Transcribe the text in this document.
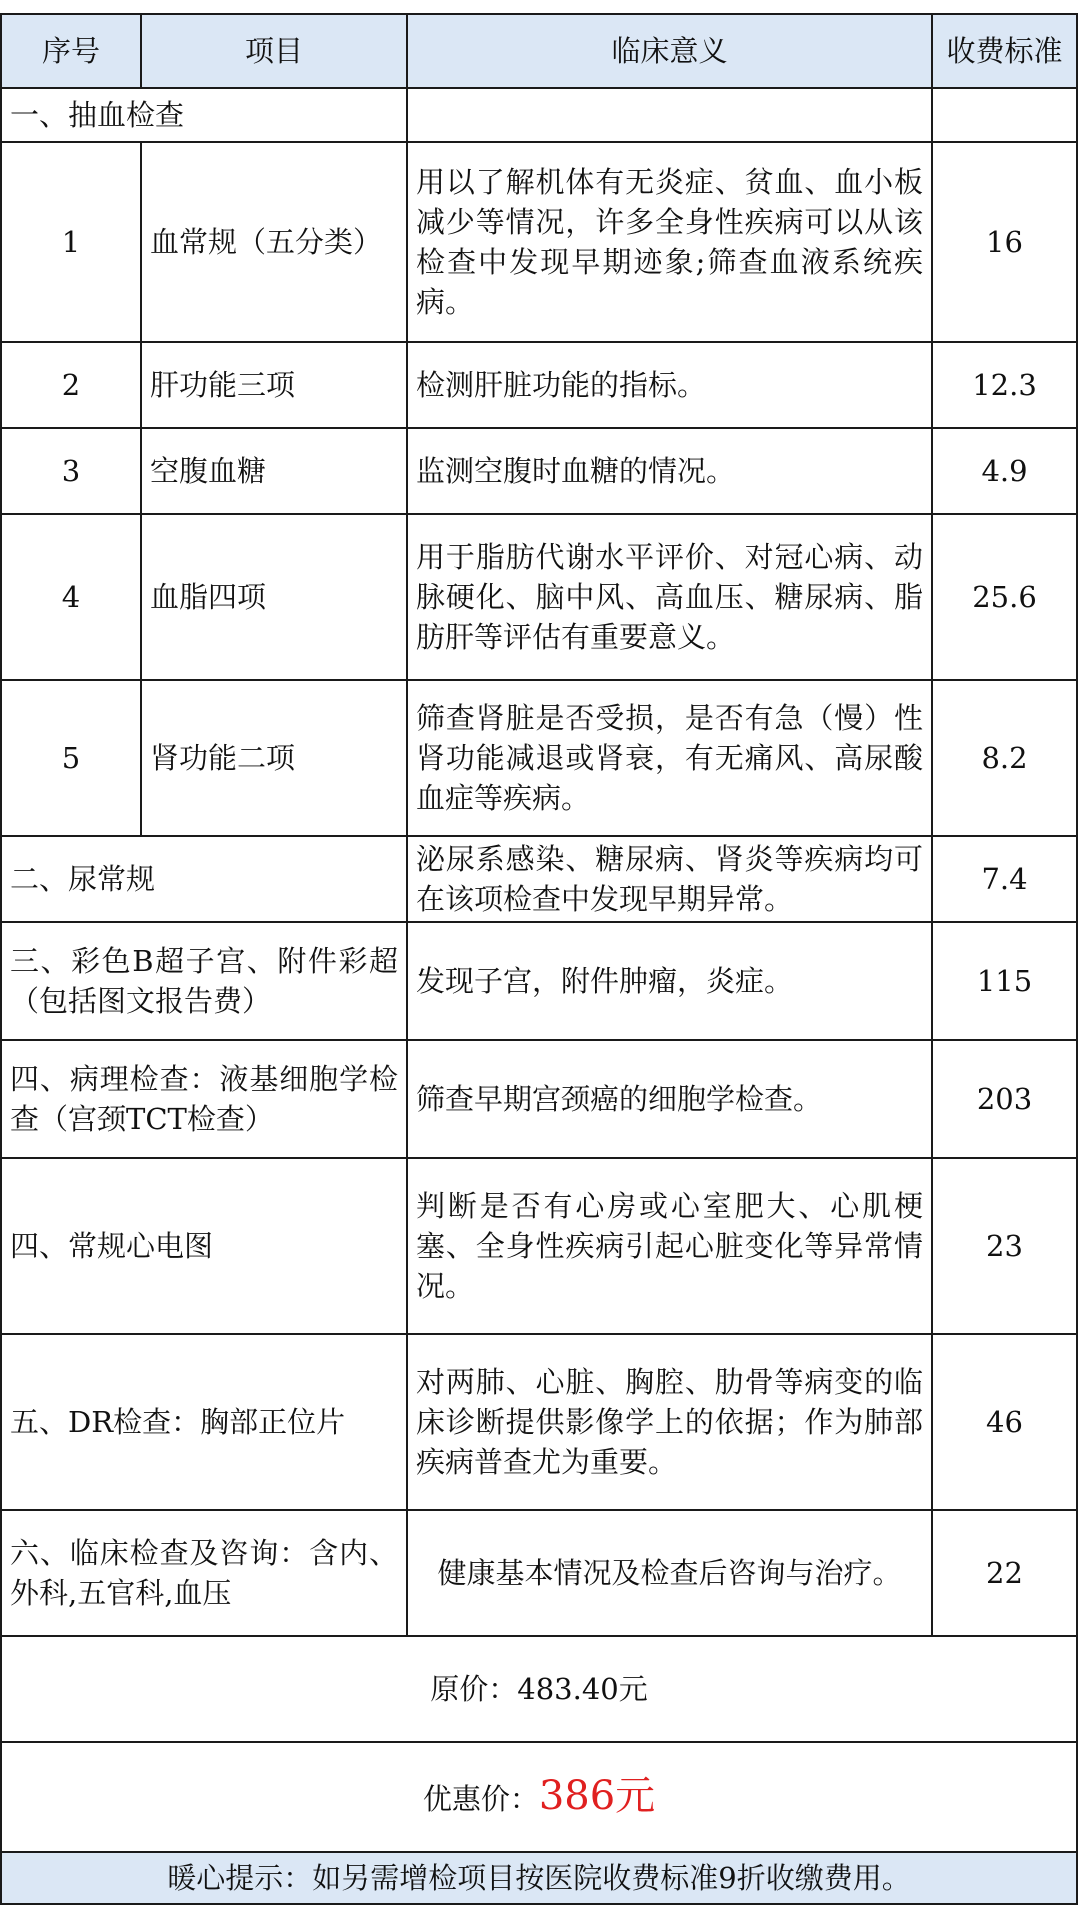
序号	项目	临床意义	收费标准
一、抽血检查			
1	血常规（五分类）	用以了解机体有无炎症、贫血、血小板减少等情况，许多全身性疾病可以从该检查中发现早期迹象;筛查血液系统疾病。	16
2	肝功能三项	检测肝脏功能的指标。	12.3
3	空腹血糖	监测空腹时血糖的情况。	4.9
4	血脂四项	用于脂肪代谢水平评价、对冠心病、动脉硬化、脑中风、高血压、糖尿病、脂肪肝等评估有重要意义。	25.6
5	肾功能二项	筛查肾脏是否受损，是否有急（慢）性肾功能减退或肾衰，有无痛风、高尿酸血症等疾病。	8.2
二、尿常规		泌尿系感染、糖尿病、肾炎等疾病均可在该项检查中发现早期异常。	7.4
三、彩色B超子宫、附件彩超（包括图文报告费）		发现子宫，附件肿瘤，炎症。	115
四、病理检查：液基细胞学检查（宫颈TCT检查）		筛查早期宫颈癌的细胞学检查。	203
四、常规心电图		判断是否有心房或心室肥大、心肌梗塞、全身性疾病引起心脏变化等异常情况。	23
五、DR检查：胸部正位片		对两肺、心脏、胸腔、肋骨等病变的临床诊断提供影像学上的依据；作为肺部疾病普查尤为重要。	46
六、临床检查及咨询：含内、外科,五官科,血压		健康基本情况及检查后咨询与治疗。	22
原价：483.40元			
优惠价：386元			
暖心提示：如另需增检项目按医院收费标准9折收缴费用。			
